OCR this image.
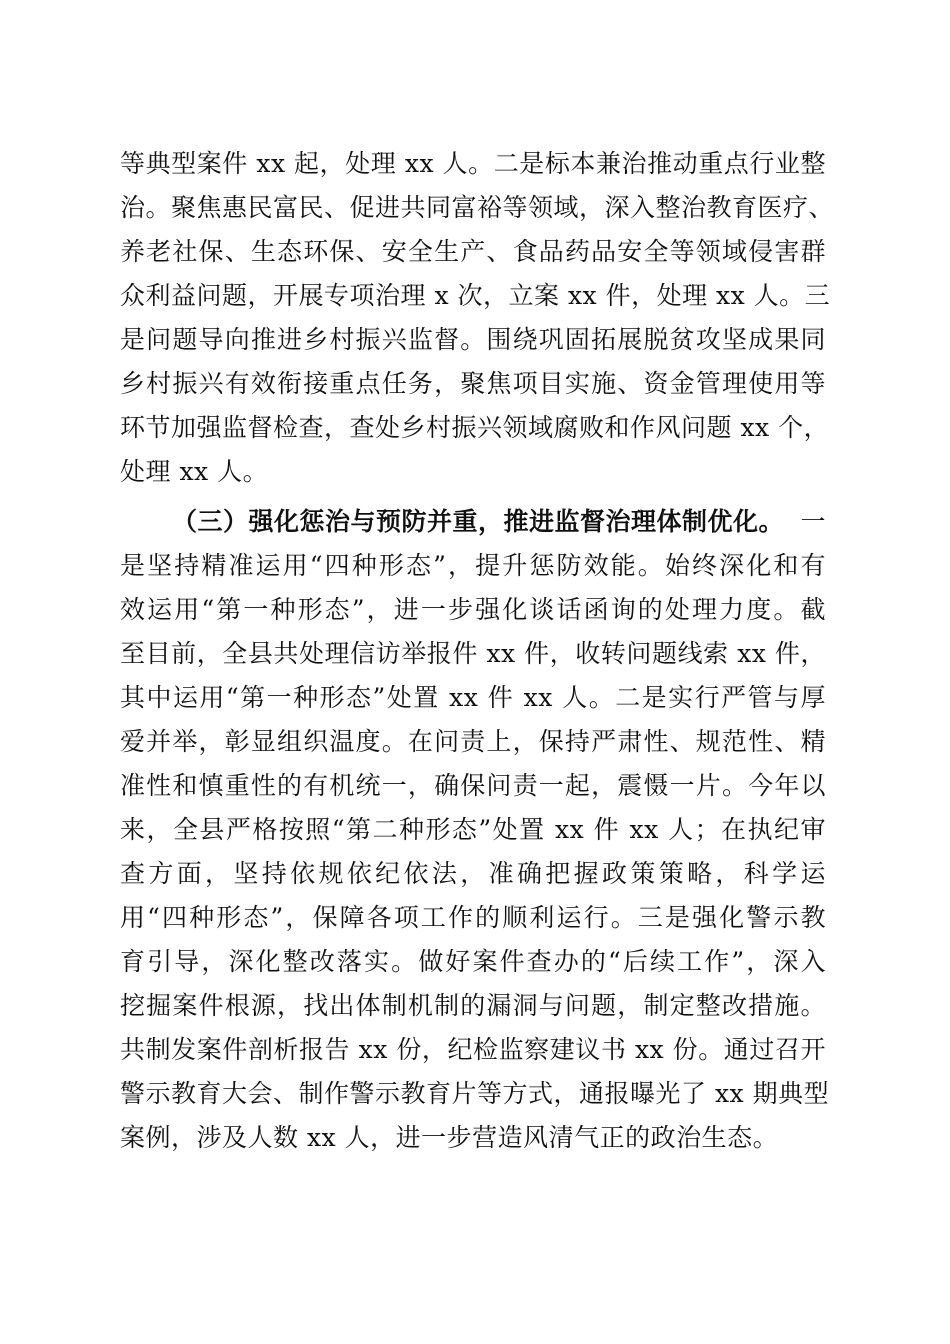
等典型案件 xx 起，处理 xx 人。二是标本兼治推动重点行业整
治。聚焦惠民富民、促进共同富裕等领域，深入整治教育医疗、
养老社保、生态环保、安全生产、食品药品安全等领域侵害群
众利益问题，开展专项治理 x 次，立案 xx 件，处理 xx 人。三
是问题导向推进乡村振兴监督。围绕巩固拓展脱贫攻坚成果同
乡村振兴有效衔接重点任务，聚焦项目实施、资金管理使用等
环节加强监督检查，查处乡村振兴领域腐败和作风问题 xx 个，
处理 xx 人。
（三）强化惩治与预防并重，推进监督治理体制优化。 一
是坚持精准运用“四种形态”，提升惩防效能。始终深化和有
效运用“第一种形态”，进一步强化谈话函询的处理力度。截
至目前，全县共处理信访举报件 xx 件，收转问题线索 xx 件，
其中运用“第一种形态”处置 xx 件 xx 人。二是实行严管与厚
爱并举，彰显组织温度。在问责上，保持严肃性、规范性、精
准性和慎重性的有机统一，确保问责一起，震慑一片。今年以
来，全县严格按照“第二种形态”处置 xx 件 xx 人；在执纪审
查方面，坚持依规依纪依法，准确把握政策策略，科学运
用“四种形态”，保障各项工作的顺利运行。三是强化警示教
育引导，深化整改落实。做好案件查办的“后续工作”，深入
挖掘案件根源，找出体制机制的漏洞与问题，制定整改措施。
共制发案件剖析报告 xx 份，纪检监察建议书 xx 份。通过召开
警示教育大会、制作警示教育片等方式，通报曝光了 xx 期典型
案例，涉及人数 xx 人，进一步营造风清气正的政治生态。
